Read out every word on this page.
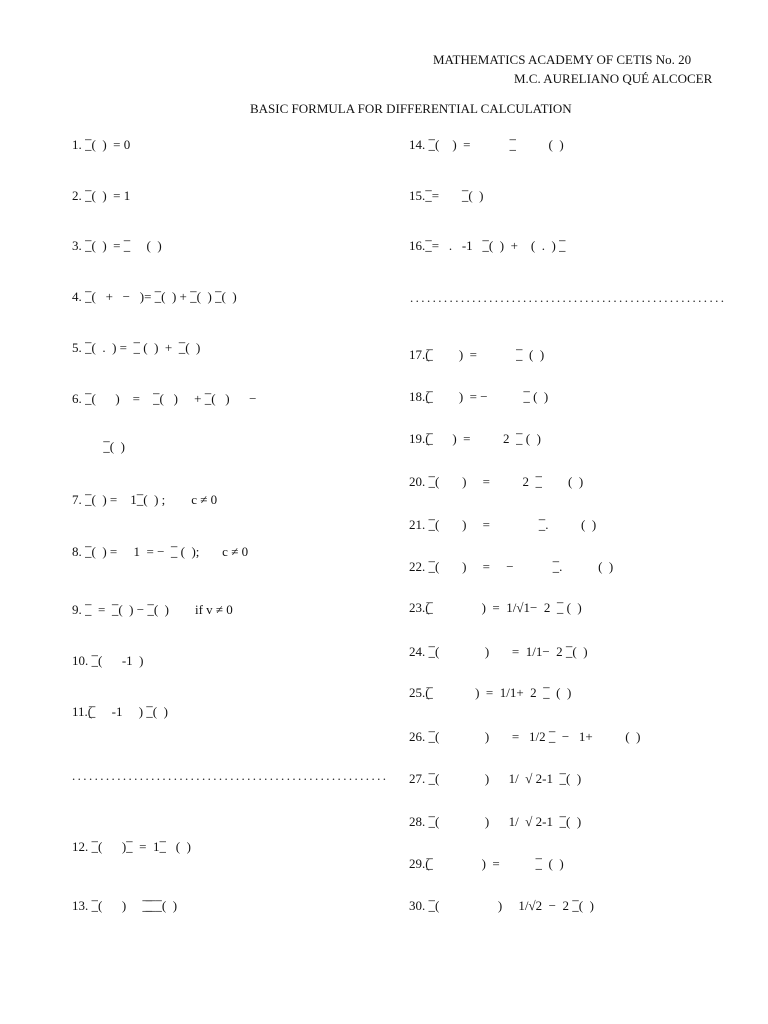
MATHEMATICS ACADEMY OF CETIS No. 20
M.C. AURELIANO QUÉ ALCOCER
BASIC FORMULA FOR DIFFERENTIAL CALCULATION
........................................................
........................................................
1.  ̲̅ (  )  = 0
2.  ̲̅ (  )  = 1
3.  ̲̅ (  )  =  ̲̅      (  )
4.  ̲̅ (   +   −   )=  ̲̅ (  ) +  ̲̅ (  )  ̲̅ (  )
5.  ̲̅ (  .  ) =   ̲̅  (  )  +   ̲̅ (  )
6.  ̲̅ (      )    =     ̲̅ (   )     +  ̲̅ (   )      −
̲̅ (  )
7.  ̲̅ (  ) =    1 ̲̅ (  ) ;        c ≠ 0
8.  ̲̅ (  ) =     1  = −   ̲̅  (  );       c ≠ 0
9.  ̲̅   =   ̲̅ (  ) −  ̲̅ (  )        if v ≠ 0
10.  ̲̅ (      -1  )
11.(̲̅      -1     )  ̲̅ (  )
12.  ̲̅ (      ) ̲̅   =  1 ̲̅    (  )
13.  ̲̅ (      )      ̲̅ ̲̅ ̲̅  ̲̅ (  )
14.  ̲̅ (    )  =             ̲̅           (  )
15. ̲̅ =        ̲̅ (  )
16. ̲̅ =   .   -1    ̲̅ (  )  +    (  .  )  ̲̅
17.(̲̅         )  =             ̲̅   (  )
18.(̲̅         )  = −            ̲̅  (  )
19.(̲̅       )  =          2   ̲̅  (  )
20.  ̲̅ (       )     =          2   ̲̅         (  )
21.  ̲̅ (       )     =                ̲̅ .          (  )
22.  ̲̅ (       )     =     −             ̲̅ .           (  )
23.(̲̅                )  =  1/√1−  2   ̲̅  (  )
24.  ̲̅ (              )       =  1/1−  2  ̲̅ (  )
25.(̲̅              )  =  1/1+  2   ̲̅   (  )
26.  ̲̅ (              )       =   1/2  ̲̅   −   1+          (  )
27.  ̲̅ (              )      1/  √ 2-1   ̲̅ (  )
28.  ̲̅ (              )      1/  √ 2-1   ̲̅ (  )
29.(̲̅                )  =            ̲̅   (  )
30.  ̲̅ (                  )     1/√2  −  2  ̲̅ (  )
